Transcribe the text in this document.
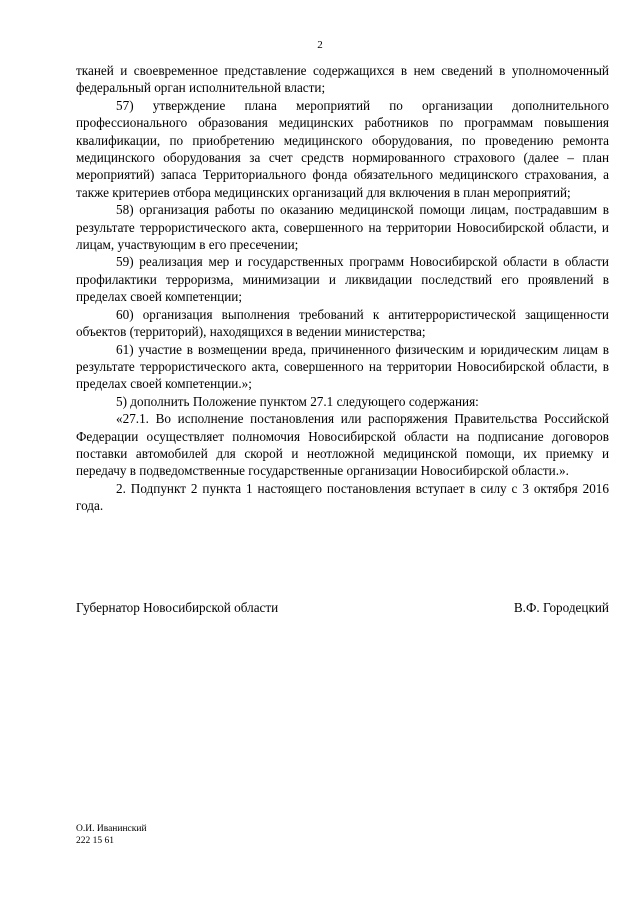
2

тканей и своевременное представление содержащихся в нем сведений в уполномоченный федеральный орган исполнительной власти;

57) утверждение плана мероприятий по организации дополнительного профессионального образования медицинских работников по программам повышения квалификации, по приобретению медицинского оборудования, по проведению ремонта медицинского оборудования за счет средств нормированного страхового (далее – план мероприятий) запаса Территориального фонда обязательного медицинского страхования, а также критериев отбора медицинских организаций для включения в план мероприятий;

58) организация работы по оказанию медицинской помощи лицам, пострадавшим в результате террористического акта, совершенного на территории Новосибирской области, и лицам, участвующим в его пресечении;

59) реализация мер и государственных программ Новосибирской области в области профилактики терроризма, минимизации и ликвидации последствий его проявлений в пределах своей компетенции;

60) организация выполнения требований к антитеррористической защищенности объектов (территорий), находящихся в ведении министерства;

61) участие в возмещении вреда, причиненного физическим и юридическим лицам в результате террористического акта, совершенного на территории Новосибирской области, в пределах своей компетенции.»;

5) дополнить Положение пунктом 27.1 следующего содержания:

«27.1. Во исполнение постановления или распоряжения Правительства Российской Федерации осуществляет полномочия Новосибирской области на подписание договоров поставки автомобилей для скорой и неотложной медицинской помощи, их приемку и передачу в подведомственные государственные организации Новосибирской области.».

2. Подпункт 2 пункта 1 настоящего постановления вступает в силу с 3 октября 2016 года.

Губернатор Новосибирской области	В.Ф. Городецкий
О.И. Иванинский
222 15 61
